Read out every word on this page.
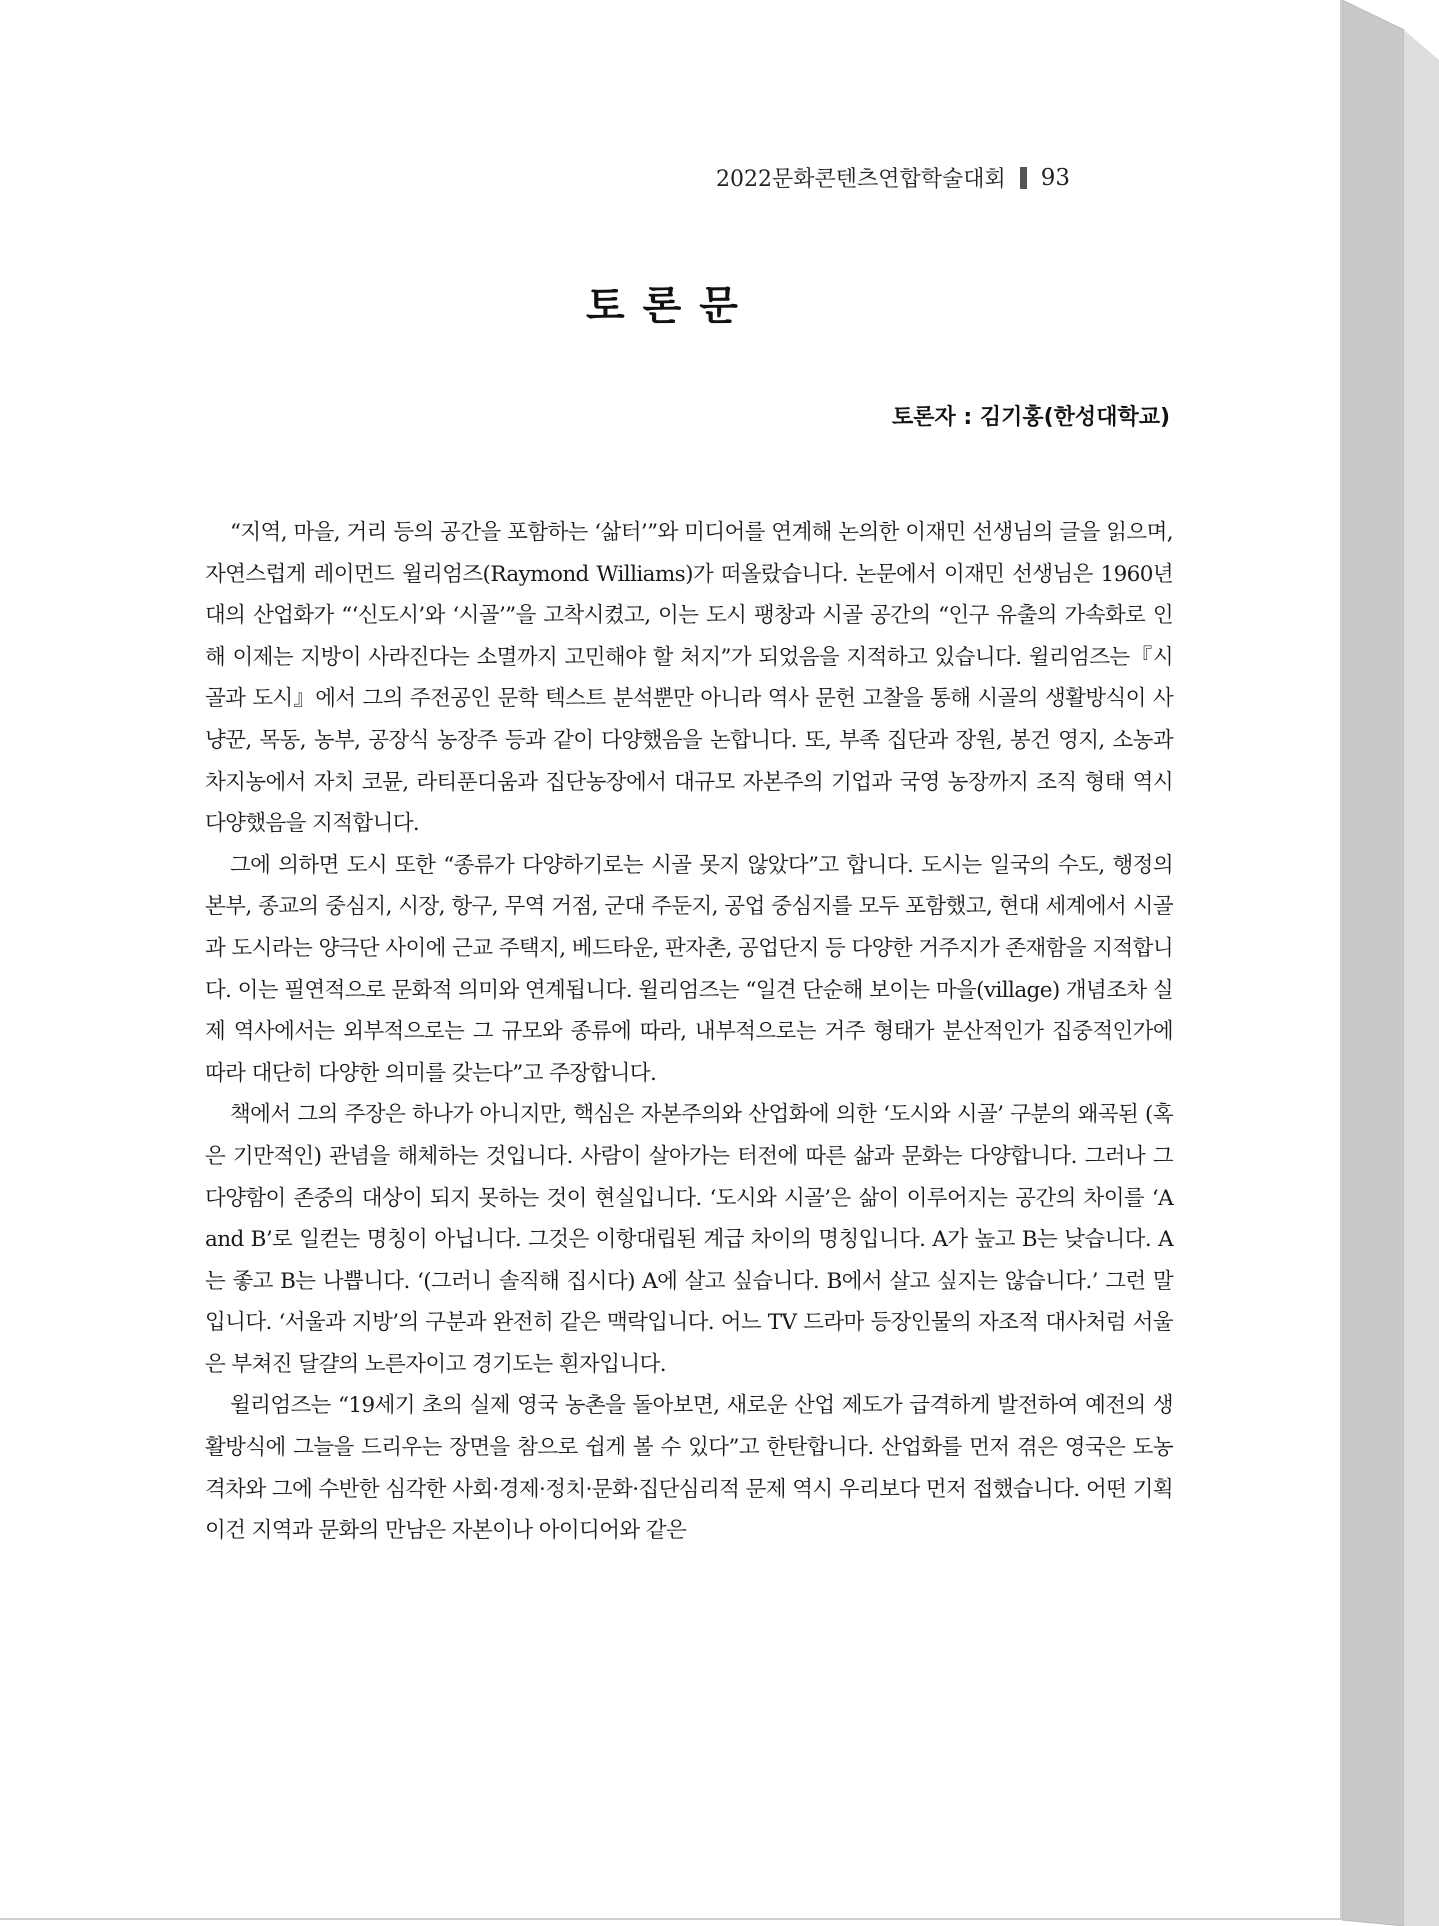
2022문화콘텐츠연합학술대회 93
토론문
토론자 : 김기홍(한성대학교)

“지역, 마을, 거리 등의 공간을 포함하는 ‘삶터’”와 미디어를 연계해 논의한 이재민 선생님의 글을 읽으며, 자연스럽게 레이먼드 윌리엄즈(Raymond Williams)가 떠올랐습니다. 논문에서 이재민 선생님은 1960년대의 산업화가 “‘신도시’와 ‘시골’”을 고착시켰고, 이는 도시 팽창과 시골 공간의 “인구 유출의 가속화로 인해 이제는 지방이 사라진다는 소멸까지 고민해야 할 처지”가 되었음을 지적하고 있습니다. 윌리엄즈는『시골과 도시』에서 그의 주전공인 문학 텍스트 분석뿐만 아니라 역사 문헌 고찰을 통해 시골의 생활방식이 사냥꾼, 목동, 농부, 공장식 농장주 등과 같이 다양했음을 논합니다. 또, 부족 집단과 장원, 봉건 영지, 소농과 차지농에서 자치 코뮨, 라티푼디움과 집단농장에서 대규모 자본주의 기업과 국영 농장까지 조직 형태 역시 다양했음을 지적합니다.

그에 의하면 도시 또한 “종류가 다양하기로는 시골 못지 않았다”고 합니다. 도시는 일국의 수도, 행정의 본부, 종교의 중심지, 시장, 항구, 무역 거점, 군대 주둔지, 공업 중심지를 모두 포함했고, 현대 세계에서 시골과 도시라는 양극단 사이에 근교 주택지, 베드타운, 판자촌, 공업단지 등 다양한 거주지가 존재함을 지적합니다. 이는 필연적으로 문화적 의미와 연계됩니다. 윌리엄즈는 “일견 단순해 보이는 마을(village) 개념조차 실제 역사에서는 외부적으로는 그 규모와 종류에 따라, 내부적으로는 거주 형태가 분산적인가 집중적인가에 따라 대단히 다양한 의미를 갖는다”고 주장합니다.

책에서 그의 주장은 하나가 아니지만, 핵심은 자본주의와 산업화에 의한 ‘도시와 시골’ 구분의 왜곡된 (혹은 기만적인) 관념을 해체하는 것입니다. 사람이 살아가는 터전에 따른 삶과 문화는 다양합니다. 그러나 그 다양함이 존중의 대상이 되지 못하는 것이 현실입니다. ‘도시와 시골’은 삶이 이루어지는 공간의 차이를 ‘A and B’로 일컫는 명칭이 아닙니다. 그것은 이항대립된 계급 차이의 명칭입니다. A가 높고 B는 낮습니다. A는 좋고 B는 나쁩니다. ‘(그러니 솔직해 집시다) A에 살고 싶습니다. B에서 살고 싶지는 않습니다.’ 그런 말입니다. ‘서울과 지방’의 구분과 완전히 같은 맥락입니다. 어느 TV 드라마 등장인물의 자조적 대사처럼 서울은 부쳐진 달걀의 노른자이고 경기도는 흰자입니다.

윌리엄즈는 “19세기 초의 실제 영국 농촌을 돌아보면, 새로운 산업 제도가 급격하게 발전하여 예전의 생활방식에 그늘을 드리우는 장면을 참으로 쉽게 볼 수 있다”고 한탄합니다. 산업화를 먼저 겪은 영국은 도농격차와 그에 수반한 심각한 사회·경제·정치·문화·집단심리적 문제 역시 우리보다 먼저 접했습니다. 어떤 기획이건 지역과 문화의 만남은 자본이나 아이디어와 같은
